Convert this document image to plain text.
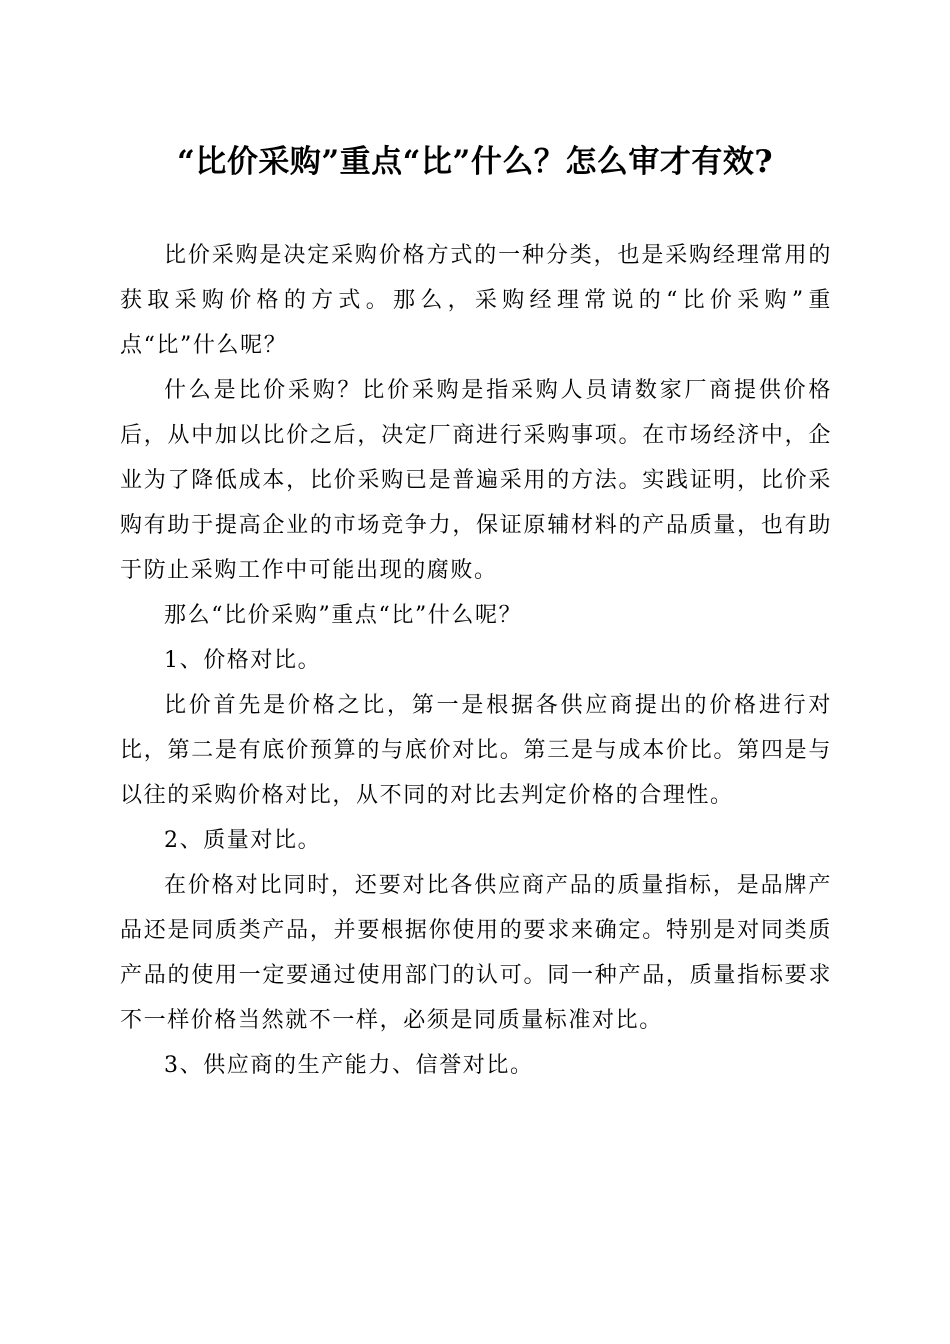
“比价采购”重点“比”什么？怎么审才有效?

比价采购是决定采购价格方式的一种分类，也是采购经理常用的获取采购价格的方式。那么，采购经理常说的“比价采购”重点“比”什么呢？

什么是比价采购？比价采购是指采购人员请数家厂商提供价格后，从中加以比价之后，决定厂商进行采购事项。在市场经济中，企业为了降低成本，比价采购已是普遍采用的方法。实践证明，比价采购有助于提高企业的市场竞争力，保证原辅材料的产品质量，也有助于防止采购工作中可能出现的腐败。

那么“比价采购”重点“比”什么呢？

1、价格对比。

比价首先是价格之比，第一是根据各供应商提出的价格进行对比，第二是有底价预算的与底价对比。第三是与成本价比。第四是与以往的采购价格对比，从不同的对比去判定价格的合理性。

2、质量对比。

在价格对比同时，还要对比各供应商产品的质量指标，是品牌产品还是同质类产品，并要根据你使用的要求来确定。特别是对同类质产品的使用一定要通过使用部门的认可。同一种产品，质量指标要求不一样价格当然就不一样，必须是同质量标准对比。

3、供应商的生产能力、信誉对比。
